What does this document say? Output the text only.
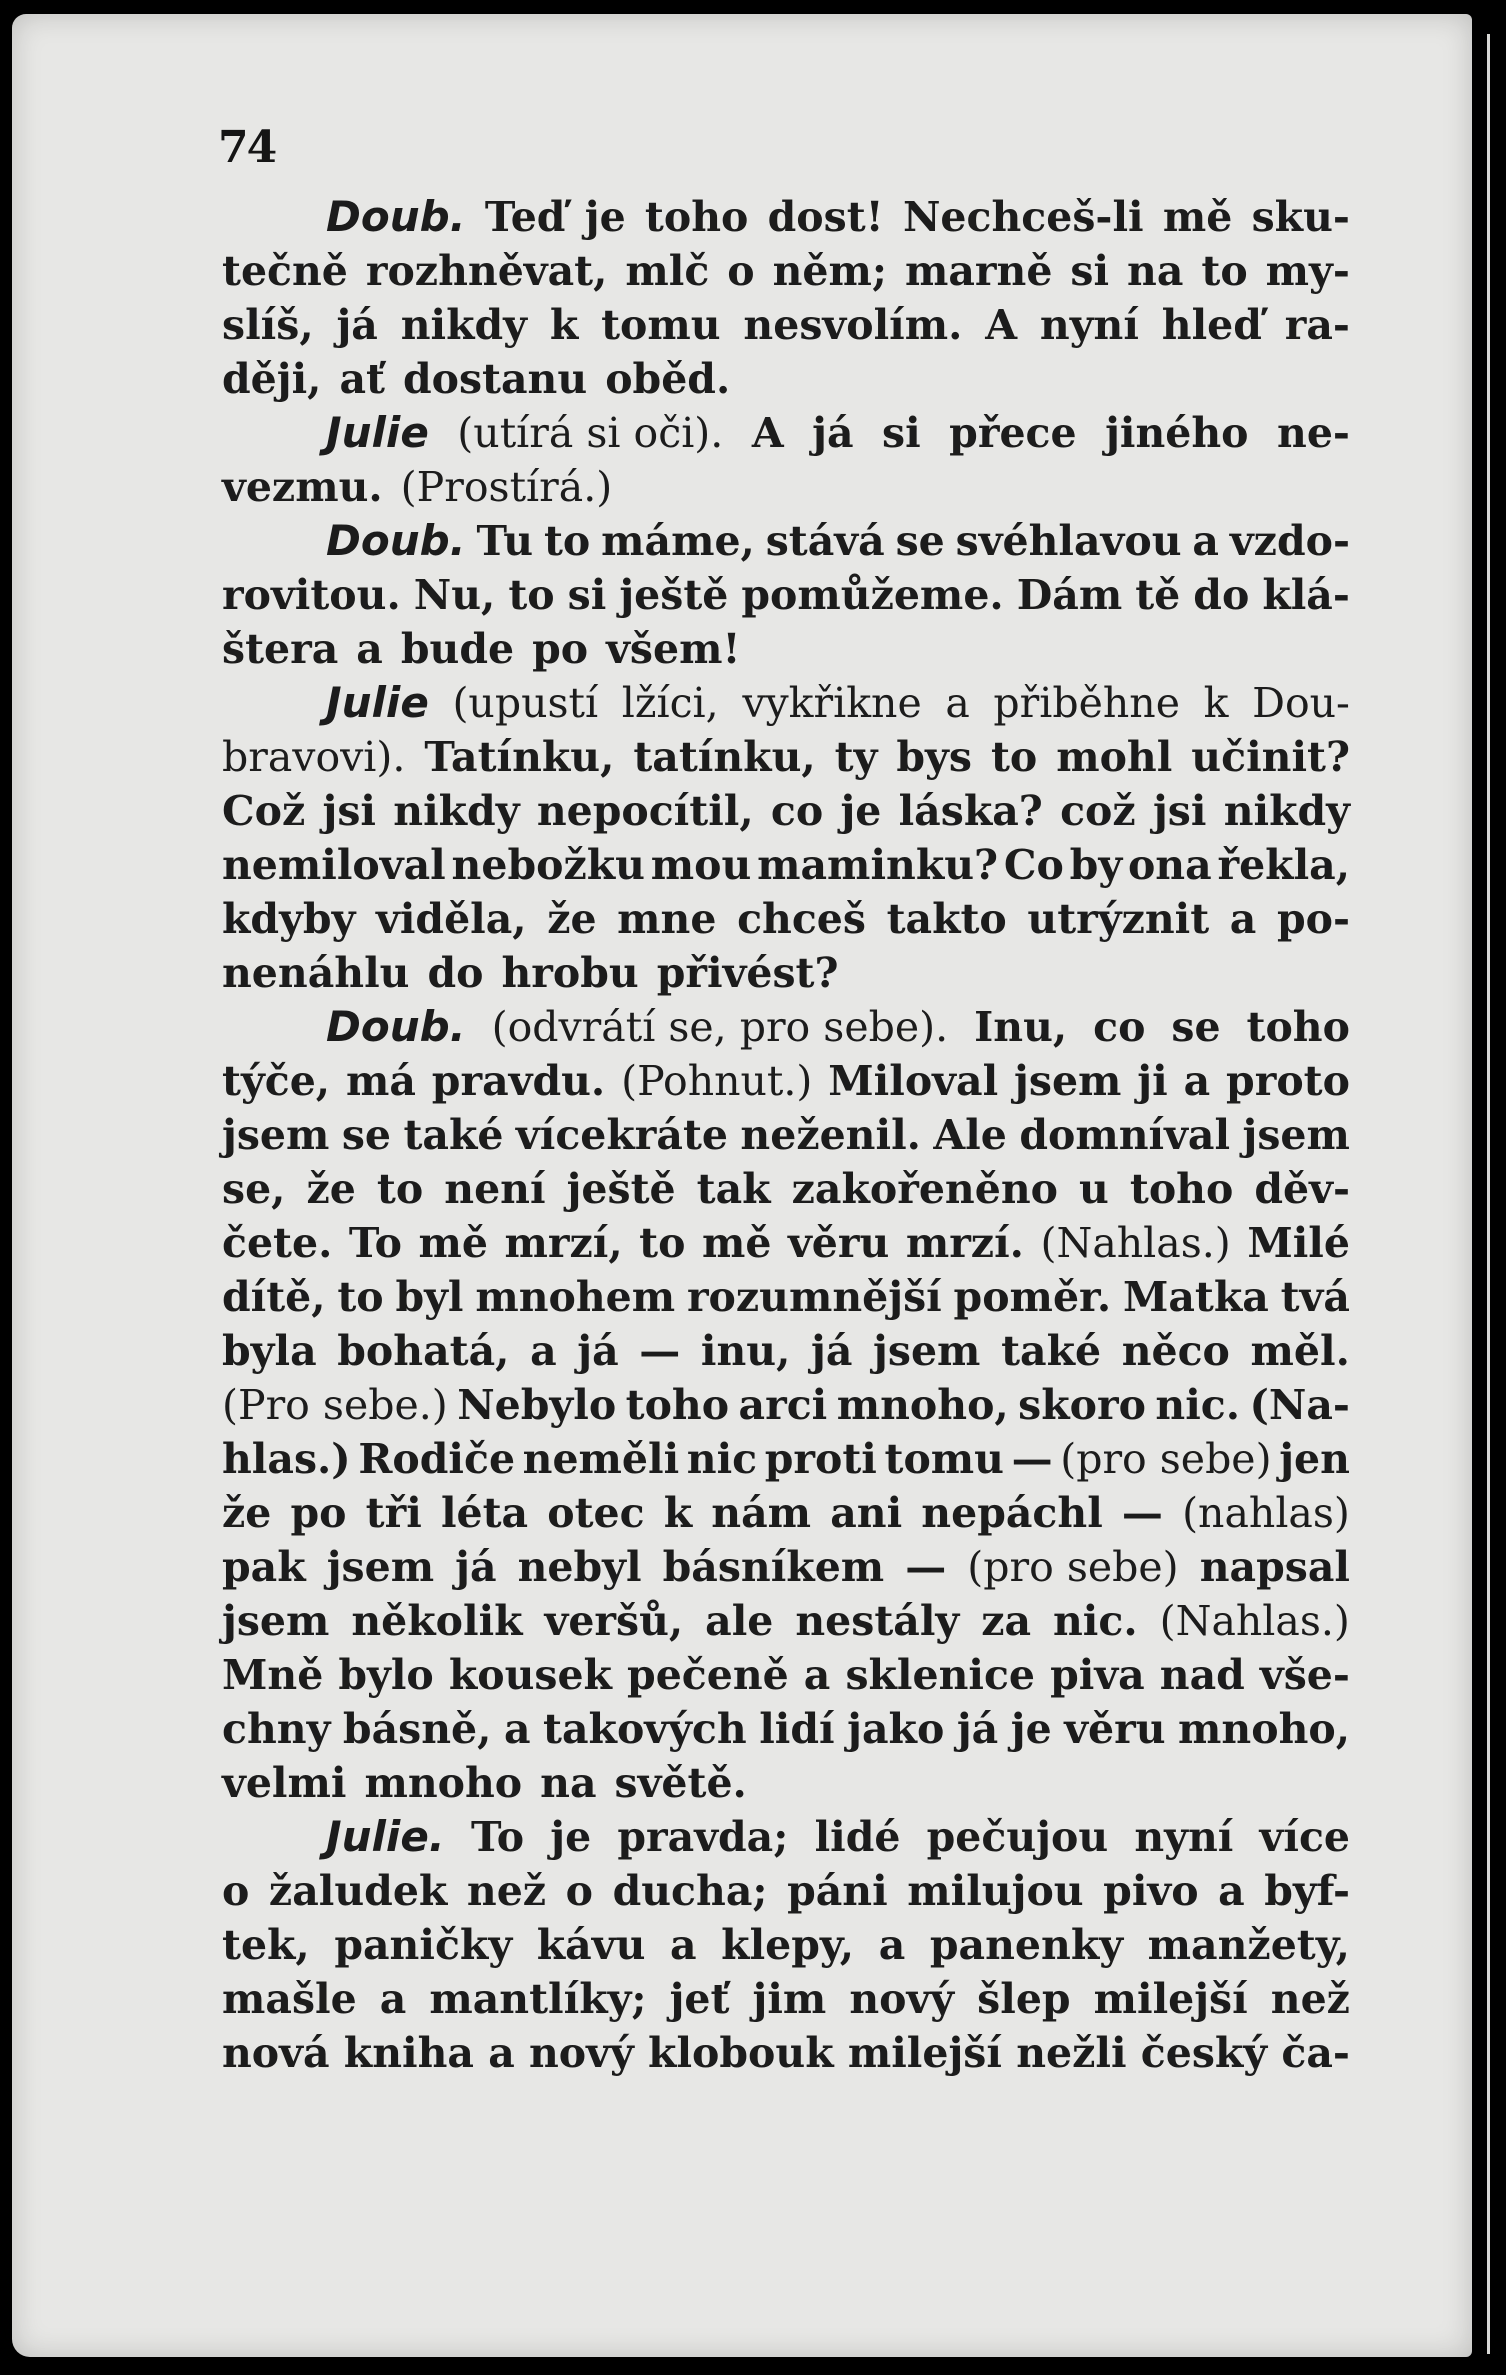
74
Doub. Teď je toho dost! Nechceš-li mě sku-
tečně rozhněvat, mlč o něm; marně si na to my-
slíš, já nikdy k tomu nesvolím. A nyní hleď ra-
ději, ať dostanu oběd.
Julie (utírá si oči). A já si přece jiného ne-
vezmu. (Prostírá.)
Doub. Tu to máme, stává se svéhlavou a vzdo-
rovitou. Nu, to si ještě pomůžeme. Dám tě do klá-
štera a bude po všem!
Julie (upustí lžíci, vykřikne a přiběhne k Dou-
bravovi). Tatínku, tatínku, ty bys to mohl učinit?
Což jsi nikdy nepocítil, co je láska? což jsi nikdy
nemiloval nebožku mou maminku? Co by ona řekla,
kdyby viděla, že mne chceš takto utrýznit a po-
nenáhlu do hrobu přivést?
Doub. (odvrátí se, pro sebe). Inu, co se toho
týče, má pravdu. (Pohnut.) Miloval jsem ji a proto
jsem se také vícekráte neženil. Ale domníval jsem
se, že to není ještě tak zakořeněno u toho děv-
čete. To mě mrzí, to mě věru mrzí. (Nahlas.) Milé
dítě, to byl mnohem rozumnější poměr. Matka tvá
byla bohatá, a já — inu, já jsem také něco měl.
(Pro sebe.) Nebylo toho arci mnoho, skoro nic. (Na-
hlas.) Rodiče neměli nic proti tomu — (pro sebe) jen
že po tři léta otec k nám ani nepáchl — (nahlas)
pak jsem já nebyl básníkem — (pro sebe) napsal
jsem několik veršů, ale nestály za nic. (Nahlas.)
Mně bylo kousek pečeně a sklenice piva nad vše-
chny básně, a takových lidí jako já je věru mnoho,
velmi mnoho na světě.
Julie. To je pravda; lidé pečujou nyní více
o žaludek než o ducha; páni milujou pivo a byf-
tek, paničky kávu a klepy, a panenky manžety,
mašle a mantlíky; jeť jim nový šlep milejší než
nová kniha a nový klobouk milejší nežli český ča-
